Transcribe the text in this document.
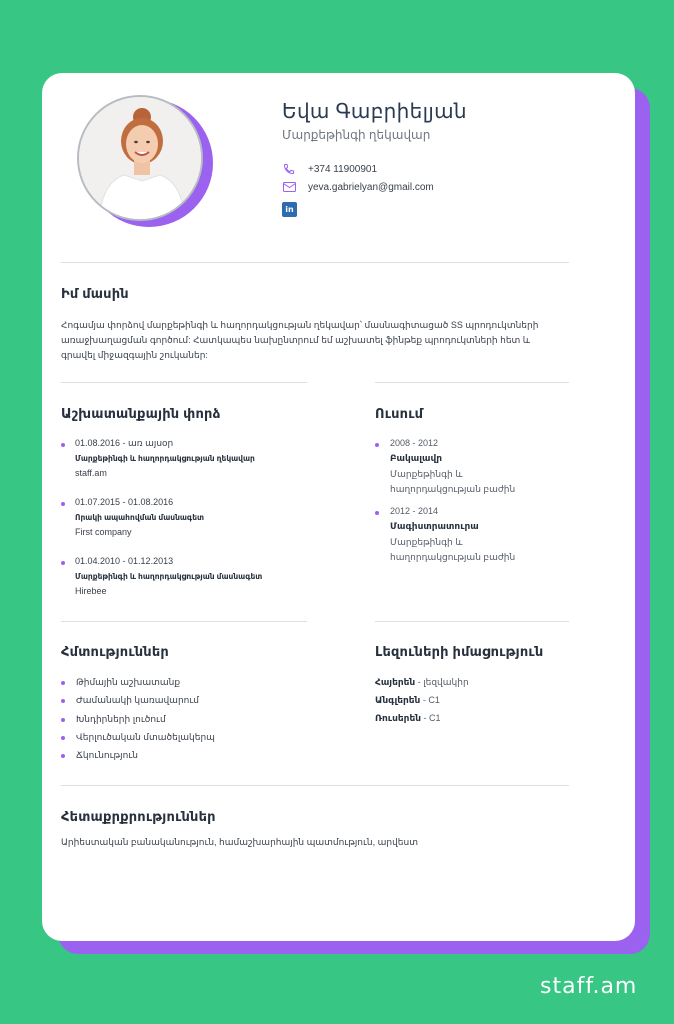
Եվա Գաբրիելյան
Մարքեթինգի ղեկավար
+374 11900901
yeva.gabrielyan@gmail.com
in
Իմ մասին
Հոգամյա փորձով մարքեթինգի և հաղորդակցության ղեկավար՝ մասնագիտացած SS պրոդուկտների առաջխաղացման գործում: Հատկապես նախընտրում եմ աշխատել ֆինթեք պրոդուկտների հետ և գրավել միջազգային շուկաներ:
Աշխատանքային փորձ
01.08.2016 - առ այսօր
Մարքեթինգի և հաղորդակցության ղեկավար
staff.am
01.07.2015 - 01.08.2016
Որակի ապահովման մասնագետ
First company
01.04.2010 - 01.12.2013
Մարքեթինգի և հաղորդակցության մասնագետ
Hirebee
Ուսում
2008 - 2012
Բակալավր
Մարքեթինգի և հաղորդակցության բաժին
2012 - 2014
Մագիստրատուրա
Մարքեթինգի և հաղորդակցության բաժին
Հմտություններ
Թիմային աշխատանք
Ժամանակի կառավարում
Խնդիրների լուծում
Վերլուծական մտածելակերպ
Ճկունություն
Լեզուների իմացություն
Հայերեն - լեզվակիր
Անգլերեն - C1
Ռուսերեն - C1
Հետաքրքրություններ
Արիեստական բանականություն, համաշխարհային պատմություն, արվեստ
staff.am
